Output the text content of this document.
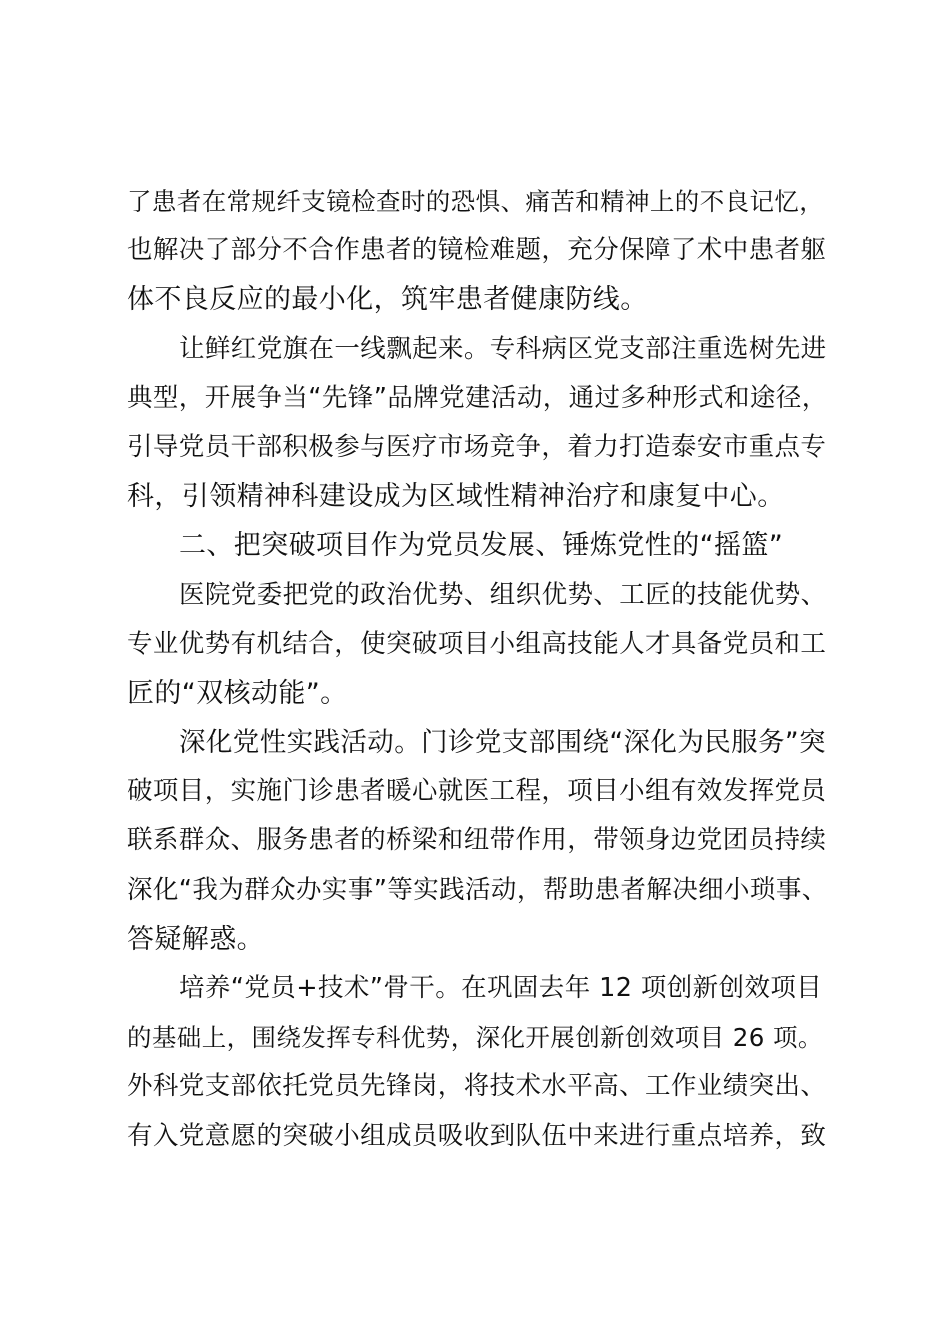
了患者在常规纤支镜检查时的恐惧、痛苦和精神上的不良记忆，
也解决了部分不合作患者的镜检难题，充分保障了术中患者躯
体不良反应的最小化，筑牢患者健康防线。
让鲜红党旗在一线飘起来。专科病区党支部注重选树先进
典型，开展争当“先锋”品牌党建活动，通过多种形式和途径，
引导党员干部积极参与医疗市场竞争，着力打造泰安市重点专
科，引领精神科建设成为区域性精神治疗和康复中心。
二、把突破项目作为党员发展、锤炼党性的“摇篮”
医院党委把党的政治优势、组织优势、工匠的技能优势、
专业优势有机结合，使突破项目小组高技能人才具备党员和工
匠的“双核动能”。
深化党性实践活动。门诊党支部围绕“深化为民服务”突
破项目，实施门诊患者暖心就医工程，项目小组有效发挥党员
联系群众、服务患者的桥梁和纽带作用，带领身边党团员持续
深化“我为群众办实事”等实践活动，帮助患者解决细小琐事、
答疑解惑。
培养“党员+技术”骨干。在巩固去年 12 项创新创效项目
的基础上，围绕发挥专科优势，深化开展创新创效项目 26 项。
外科党支部依托党员先锋岗，将技术水平高、工作业绩突出、
有入党意愿的突破小组成员吸收到队伍中来进行重点培养，致
